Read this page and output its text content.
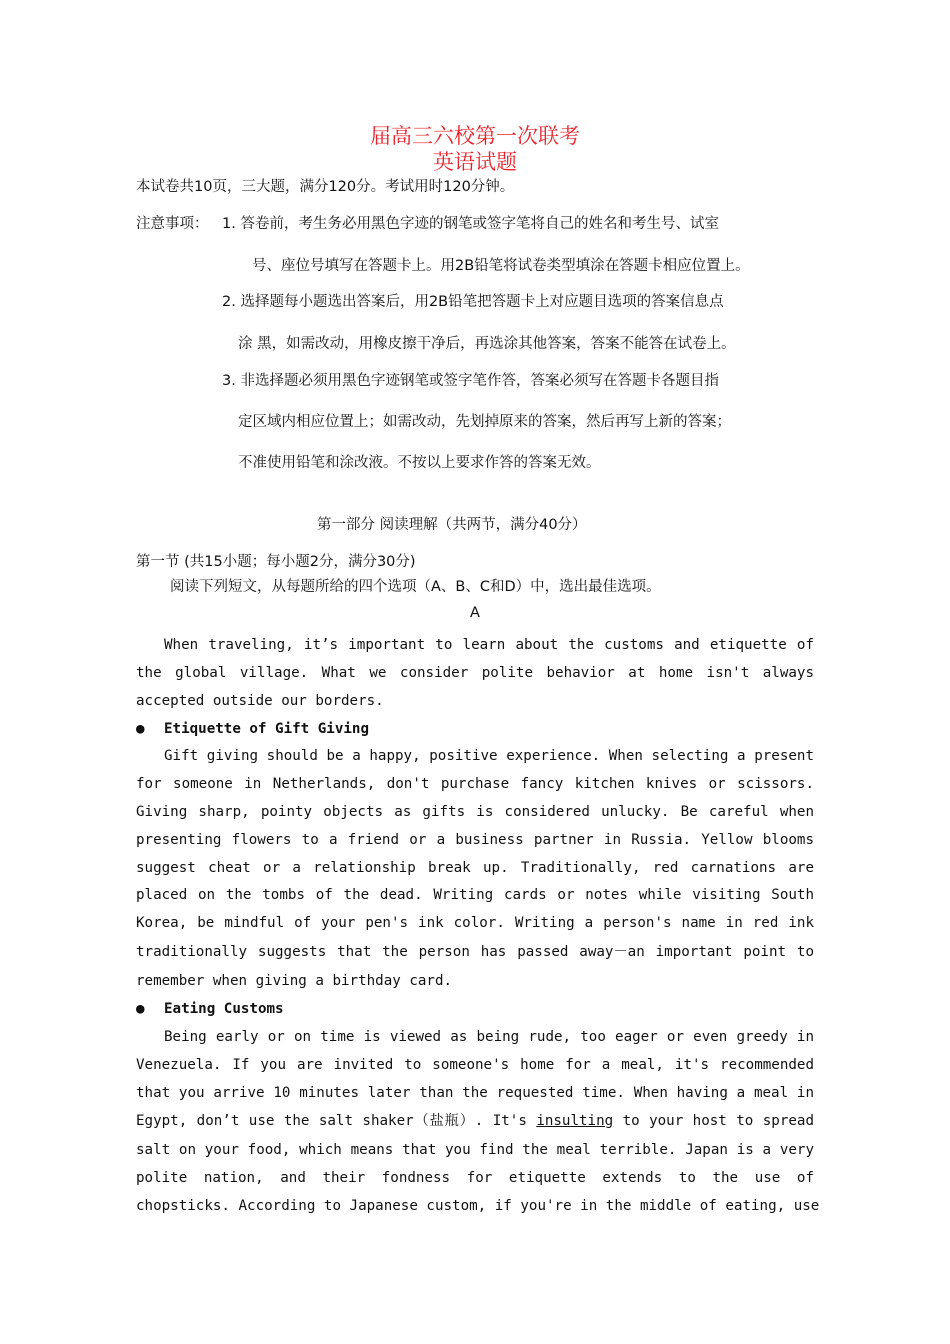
届高三六校第一次联考
英语试题
本试卷共10页，三大题，满分120分。考试用时120分钟。
注意事项： 1. 答卷前，考生务必用黑色字迹的钢笔或签字笔将自己的姓名和考生号、试室
号、座位号填写在答题卡上。用2B铅笔将试卷类型填涂在答题卡相应位置上。
2. 选择题每小题选出答案后，用2B铅笔把答题卡上对应题目选项的答案信息点
涂 黑，如需改动，用橡皮擦干净后，再选涂其他答案，答案不能答在试卷上。
3. 非选择题必须用黑色字迹钢笔或签字笔作答，答案必须写在答题卡各题目指
定区域内相应位置上；如需改动，先划掉原来的答案，然后再写上新的答案；
不准使用铅笔和涂改液。不按以上要求作答的答案无效。
第一部分 阅读理解（共两节，满分40分）
第一节 (共15小题；每小题2分，满分30分)
阅读下列短文，从每题所给的四个选项（A、B、C和D）中，选出最佳选项。
A
When traveling, it’s important to learn about the customs and etiquette of
the global village. What we consider polite behavior at home isn't always
accepted outside our borders.
● Etiquette of Gift Giving
Gift giving should be a happy, positive experience. When selecting a present
for someone in Netherlands, don't purchase fancy kitchen knives or scissors.
Giving sharp, pointy objects as gifts is considered unlucky. Be careful when
presenting flowers to a friend or a business partner in Russia. Yellow blooms
suggest cheat or a relationship break up. Traditionally, red carnations are
placed on the tombs of the dead. Writing cards or notes while visiting South
Korea, be mindful of your pen's ink color. Writing a person's name in red ink
traditionally suggests that the person has passed away－an important point to
remember when giving a birthday card.
● Eating Customs
Being early or on time is viewed as being rude, too eager or even greedy in
Venezuela. If you are invited to someone's home for a meal, it's recommended
that you arrive 10 minutes later than the requested time. When having a meal in
Egypt, don’t use the salt shaker（盐瓶）. It's insulting to your host to spread
salt on your food, which means that you find the meal terrible. Japan is a very
polite nation, and their fondness for etiquette extends to the use of
chopsticks. According to Japanese custom, if you're in the middle of eating, use
